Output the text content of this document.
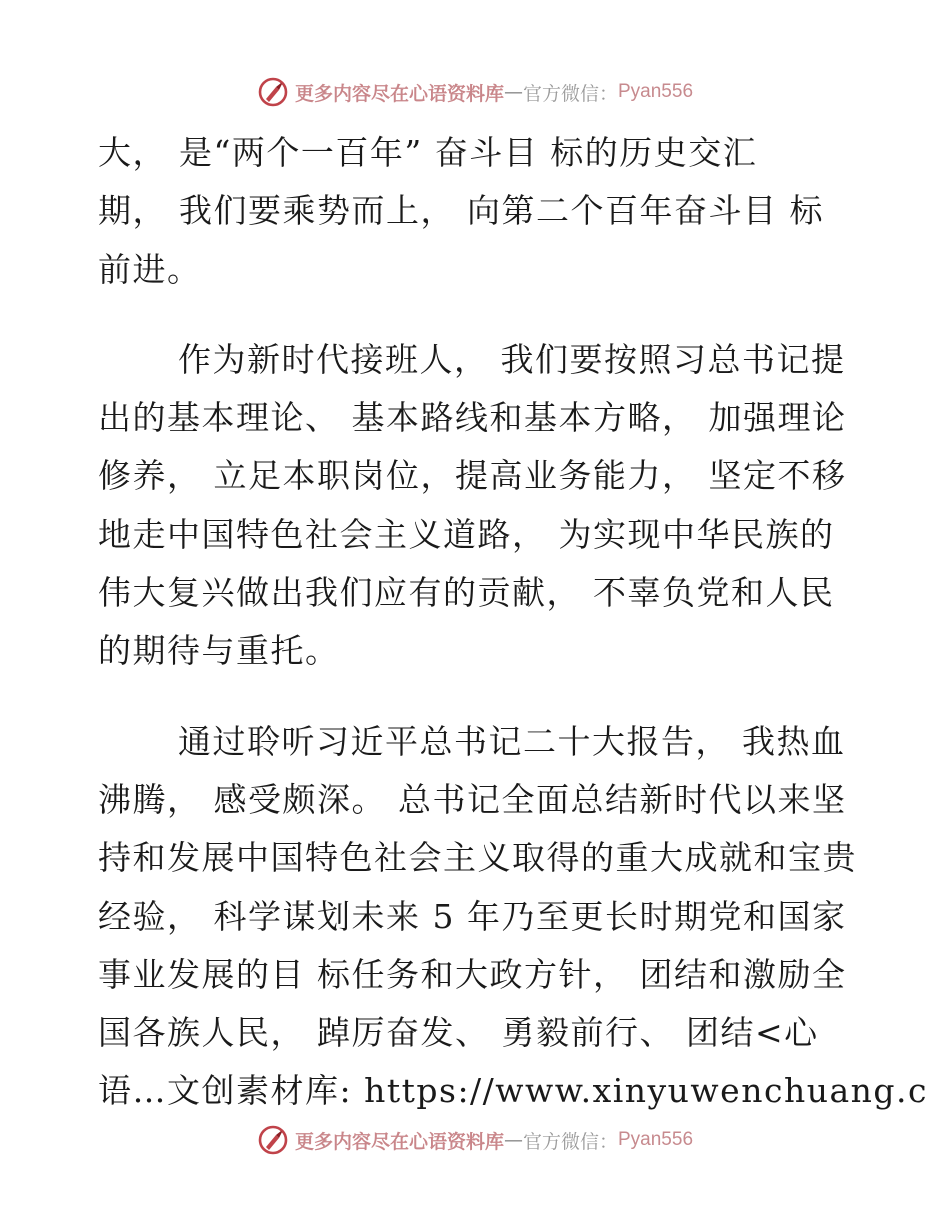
更多内容尽在心语资料库 — 官方微信： Pyan556
大， 是“两个一百年” 奋斗目 标的历史交汇
期， 我们要乘势而上， 向第二个百年奋斗目 标
前进。
作为新时代接班人， 我们要按照习总书记提
出的基本理论、 基本路线和基本方略， 加强理论
修养， 立足本职岗位，提高业务能力， 坚定不移
地走中国特色社会主义道路， 为实现中华民族的
伟大复兴做出我们应有的贡献， 不辜负党和人民
的期待与重托。
通过聆听习近平总书记二十大报告， 我热血
沸腾， 感受颇深。 总书记全面总结新时代以来坚
持和发展中国特色社会主义取得的重大成就和宝贵
经验， 科学谋划未来 5 年乃至更长时期党和国家
事业发展的目 标任务和大政方针， 团结和激励全
国各族人民， 踔厉奋发、 勇毅前行、 团结<心
语…文创素材库: https://www.xinyuwenchuang.c
更多内容尽在心语资料库 — 官方微信： Pyan556
